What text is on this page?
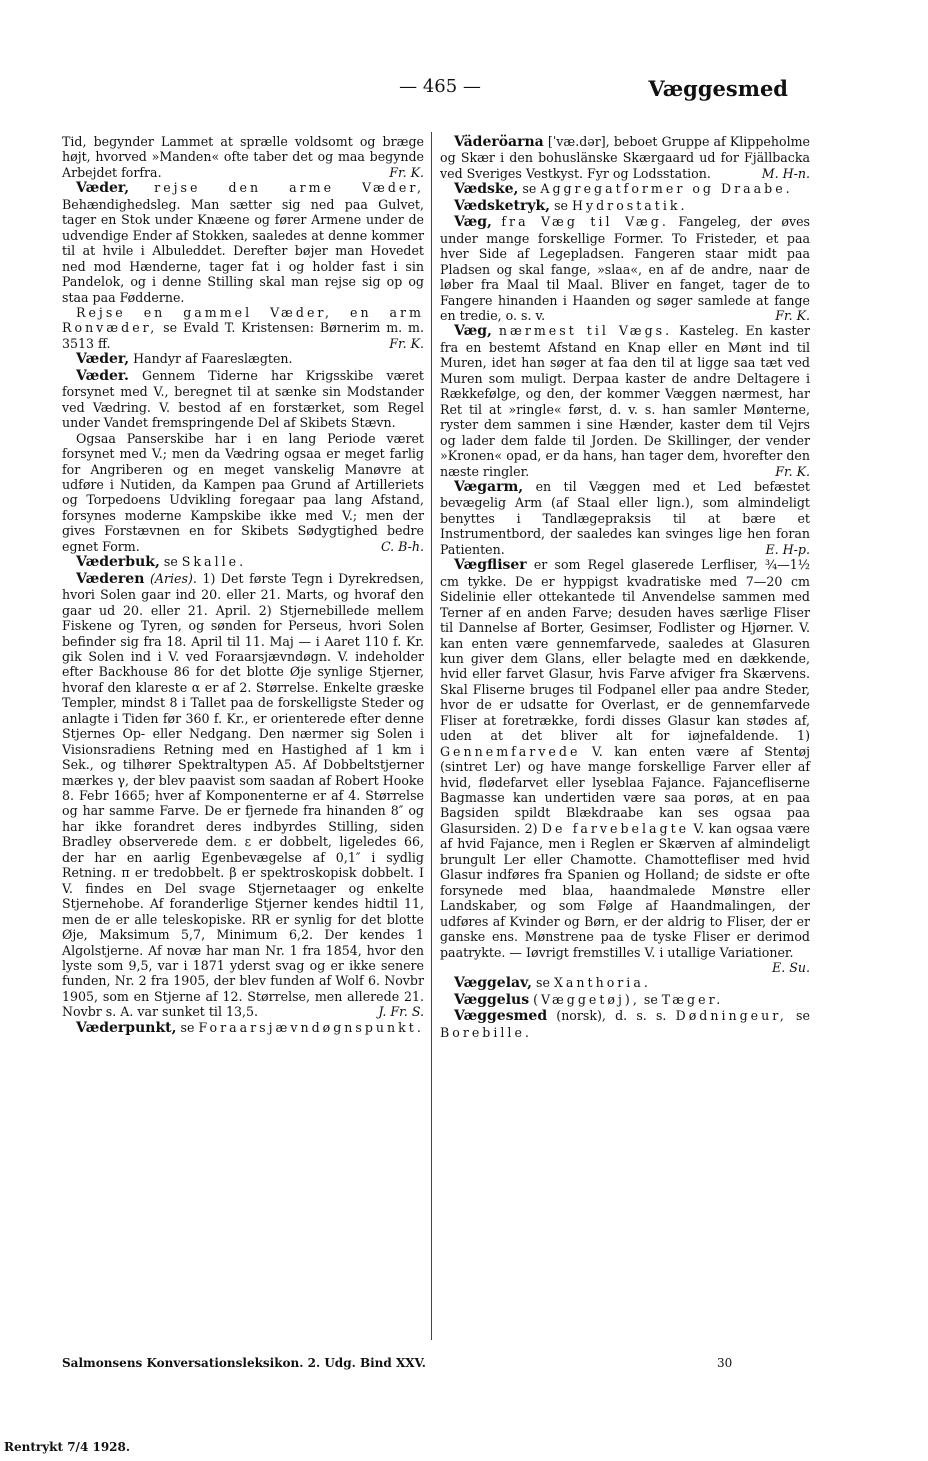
— 465 —	Væggesmed

Tid, begynder Lammet at sprælle voldsomt og bræge højt, hvorved »Manden« ofte taber det og maa begynde Arbejdet forfra.	Fr. K.

Væder, rejse den arme Væder, Behændighedsleg. Man sætter sig ned paa Gulvet, tager en Stok under Knæene og fører Armene under de udvendige Ender af Stokken, saaledes at denne kommer til at hvile i Albuleddet. Derefter bøjer man Hovedet ned mod Hænderne, tager fat i og holder fast i sin Pandelok, og i denne Stilling skal man rejse sig op og staa paa Fødderne.

Rejse en gammel Væder, en arm Ronvæder, se Evald T. Kristensen: Børnerim m. m. 3513 ff.	Fr. K.

Væder, Handyr af Faareslægten.

Væder. Gennem Tiderne har Krigsskibe været forsynet med V., beregnet til at sænke sin Modstander ved Vædring. V. bestod af en forstærket, som Regel under Vandet fremspringende Del af Skibets Stævn.

Ogsaa Panserskibe har i en lang Periode været forsynet med V.; men da Vædring ogsaa er meget farlig for Angriberen og en meget vanskelig Manøvre at udføre i Nutiden, da Kampen paa Grund af Artilleriets og Torpedoens Udvikling foregaar paa lang Afstand, forsynes moderne Kampskibe ikke med V.; men der gives Forstævnen en for Skibets Sødygtighed bedre egnet Form.	C. B-h.

Væderbuk, se Skalle.

Væderen (Aries). 1) Det første Tegn i Dyrekredsen, hvori Solen gaar ind 20. eller 21. Marts, og hvoraf den gaar ud 20. eller 21. April. 2) Stjernebillede mellem Fiskene og Tyren, og sønden for Perseus, hvori Solen befinder sig fra 18. April til 11. Maj — i Aaret 110 f. Kr. gik Solen ind i V. ved Foraarsjævndøgn. V. indeholder efter Backhouse 86 for det blotte Øje synlige Stjerner, hvoraf den klareste α er af 2. Størrelse. Enkelte græske Templer, mindst 8 i Tallet paa de forskelligste Steder og anlagte i Tiden før 360 f. Kr., er orienterede efter denne Stjernes Op- eller Nedgang. Den nærmer sig Solen i Visionsradiens Retning med en Hastighed af 1 km i Sek., og tilhører Spektraltypen A5. Af Dobbeltstjerner mærkes γ, der blev paavist som saadan af Robert Hooke 8. Febr 1665; hver af Komponenterne er af 4. Størrelse og har samme Farve. De er fjernede fra hinanden 8″ og har ikke forandret deres indbyrdes Stilling, siden Bradley observerede dem. ε er dobbelt, ligeledes 66, der har en aarlig Egenbevægelse af 0,1″ i sydlig Retning. π er tredobbelt. β er spektroskopisk dobbelt. I V. findes en Del svage Stjernetaager og enkelte Stjernehobe. Af foranderlige Stjerner kendes hidtil 11, men de er alle teleskopiske. RR er synlig for det blotte Øje, Maksimum 5,7, Minimum 6,2. Der kendes 1 Algolstjerne. Af novæ har man Nr. 1 fra 1854, hvor den lyste som 9,5, var i 1871 yderst svag og er ikke senere funden, Nr. 2 fra 1905, der blev funden af Wolf 6. Novbr 1905, som en Stjerne af 12. Størrelse, men allerede 21. Novbr s. A. var sunket til 13,5.	J. Fr. S.

Væderpunkt, se Foraarsjævndøgnspunkt.

Väderöarna [ˈvæ.dər], beboet Gruppe af Klippeholme og Skær i den bohuslänske Skærgaard ud for Fjällbacka ved Sveriges Vestkyst. Fyr og Lodsstation.	M. H-n.

Vædske, se Aggregatformer og Draabe.

Vædsketryk, se Hydrostatik.

Væg, fra Væg til Væg. Fangeleg, der øves under mange forskellige Former. To Fristeder, et paa hver Side af Legepladsen. Fangeren staar midt paa Pladsen og skal fange, »slaa«, en af de andre, naar de løber fra Maal til Maal. Bliver en fanget, tager de to Fangere hinanden i Haanden og søger samlede at fange en tredie, o. s. v.	Fr. K.

Væg, nærmest til Vægs. Kasteleg. En kaster fra en bestemt Afstand en Knap eller en Mønt ind til Muren, idet han søger at faa den til at ligge saa tæt ved Muren som muligt. Derpaa kaster de andre Deltagere i Rækkefølge, og den, der kommer Væggen nærmest, har Ret til at »ringle« først, d. v. s. han samler Mønterne, ryster dem sammen i sine Hænder, kaster dem til Vejrs og lader dem falde til Jorden. De Skillinger, der vender »Kronen« opad, er da hans, han tager dem, hvorefter den næste ringler.	Fr. K.

Vægarm, en til Væggen med et Led befæstet bevægelig Arm (af Staal eller lign.), som almindeligt benyttes i Tandlægepraksis til at bære et Instrumentbord, der saaledes kan svinges lige hen foran Patienten.	E. H-p.

Vægfliser er som Regel glaserede Lerfliser, ¾—1½ cm tykke. De er hyppigst kvadratiske med 7—20 cm Sidelinie eller ottekantede til Anvendelse sammen med Terner af en anden Farve; desuden haves særlige Fliser til Dannelse af Borter, Gesimser, Fodlister og Hjørner. V. kan enten være gennemfarvede, saaledes at Glasuren kun giver dem Glans, eller belagte med en dækkende, hvid eller farvet Glasur, hvis Farve afviger fra Skærvens. Skal Fliserne bruges til Fodpanel eller paa andre Steder, hvor de er udsatte for Overlast, er de gennemfarvede Fliser at foretrække, fordi disses Glasur kan stødes af, uden at det bliver alt for iøjnefaldende. 1) Gennemfarvede V. kan enten være af Stentøj (sintret Ler) og have mange forskellige Farver eller af hvid, flødefarvet eller lyseblaa Fajance. Fajancefliserne Bagmasse kan undertiden være saa porøs, at en paa Bagsiden spildt Blækdraabe kan ses ogsaa paa Glasursiden. 2) De farvebelagte V. kan ogsaa være af hvid Fajance, men i Reglen er Skærven af almindeligt brungult Ler eller Chamotte. Chamottefliser med hvid Glasur indføres fra Spanien og Holland; de sidste er ofte forsynede med blaa, haandmalede Mønstre eller Landskaber, og som Følge af Haandmalingen, der udføres af Kvinder og Børn, er der aldrig to Fliser, der er ganske ens. Mønstrene paa de tyske Fliser er derimod paatrykte. — Iøvrigt fremstilles V. i utallige Variationer.
E. Su.

Væggelav, se Xanthoria.

Væggelus (Væggetøj), se Tæger.

Væggesmed (norsk), d. s. s. Dødningeur, se Borebille.

Salmonsens Konversationsleksikon. 2. Udg. Bind XXV.	30
Rentrykt 7/4 1928.
